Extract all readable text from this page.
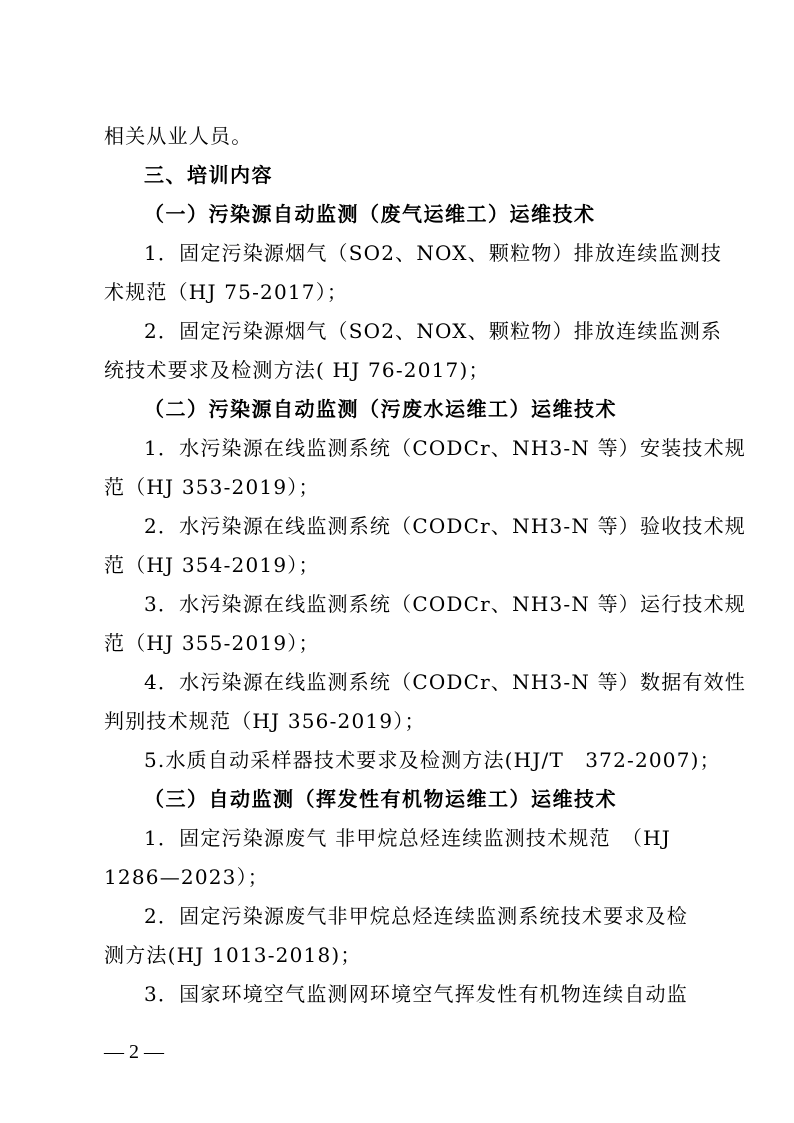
相关从业人员。
三、培训内容
（一）污染源自动监测（废气运维工）运维技术
1．固定污染源烟气（SO2、NOX、颗粒物）排放连续监测技
术规范（HJ 75-2017）；
2．固定污染源烟气（SO2、NOX、颗粒物）排放连续监测系
统技术要求及检测方法( HJ 76-2017)；
（二）污染源自动监测（污废水运维工）运维技术
1．水污染源在线监测系统（CODCr、NH3-N 等）安装技术规
范（HJ 353-2019）；
2．水污染源在线监测系统（CODCr、NH3-N 等）验收技术规
范（HJ 354-2019）；
3．水污染源在线监测系统（CODCr、NH3-N 等）运行技术规
范（HJ 355-2019）；
4．水污染源在线监测系统（CODCr、NH3-N 等）数据有效性
判别技术规范（HJ 356-2019）；
5.水质自动采样器技术要求及检测方法(HJ/T　372-2007)；
（三）自动监测（挥发性有机物运维工）运维技术
1．固定污染源废气 非甲烷总烃连续监测技术规范　（HJ
1286—2023）；
2．固定污染源废气非甲烷总烃连续监测系统技术要求及检
测方法(HJ 1013-2018)；
3．国家环境空气监测网环境空气挥发性有机物连续自动监
— 2 —
